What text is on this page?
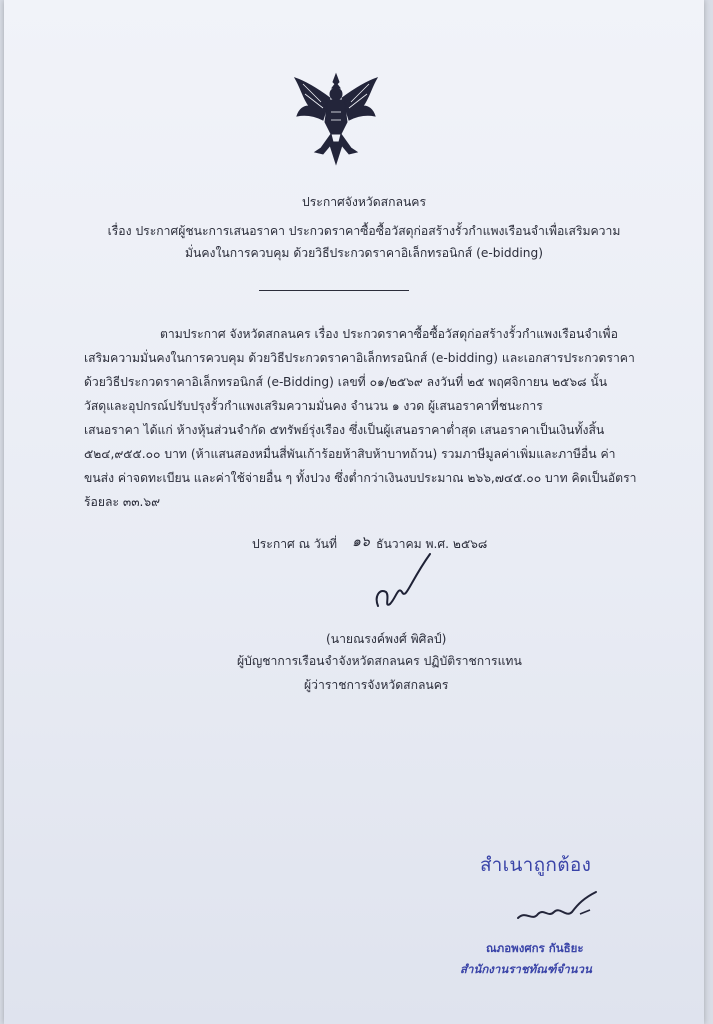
ประกาศจังหวัดสกลนคร
เรื่อง ประกาศผู้ชนะการเสนอราคา ประกวดราคาซื้อซื้อวัสดุก่อสร้างรั้วกำแพงเรือนจำเพื่อเสริมความ
มั่นคงในการควบคุม ด้วยวิธีประกวดราคาอิเล็กทรอนิกส์ (e-bidding)
ตามประกาศ จังหวัดสกลนคร เรื่อง ประกวดราคาซื้อซื้อวัสดุก่อสร้างรั้วกำแพงเรือนจำเพื่อ
เสริมความมั่นคงในการควบคุม ด้วยวิธีประกวดราคาอิเล็กทรอนิกส์ (e-bidding) และเอกสารประกวดราคา
ด้วยวิธีประกวดราคาอิเล็กทรอนิกส์ (e-Bidding) เลขที่ ๐๑/๒๕๖๙ ลงวันที่ ๒๕ พฤศจิกายน ๒๕๖๘ นั้น
วัสดุและอุปกรณ์ปรับปรุงรั้วกำแพงเสริมความมั่นคง จำนวน ๑ งวด ผู้เสนอราคาที่ชนะการ
เสนอราคา ได้แก่ ห้างหุ้นส่วนจำกัด ๕ทรัพย์รุ่งเรือง ซึ่งเป็นผู้เสนอราคาต่ำสุด เสนอราคาเป็นเงินทั้งสิ้น
๕๒๔,๙๕๕.๐๐ บาท (ห้าแสนสองหมื่นสี่พันเก้าร้อยห้าสิบห้าบาทถ้วน) รวมภาษีมูลค่าเพิ่มและภาษีอื่น ค่า
ขนส่ง ค่าจดทะเบียน และค่าใช้จ่ายอื่น ๆ ทั้งปวง ซึ่งต่ำกว่าเงินงบประมาณ ๒๖๖,๗๔๕.๐๐ บาท คิดเป็นอัตรา
ร้อยละ ๓๓.๖๙
ประกาศ ณ วันที่ ๑๖ ธันวาคม พ.ศ. ๒๕๖๘
(นายณรงค์พงศ์ พิศิลป์)
ผู้บัญชาการเรือนจำจังหวัดสกลนคร ปฏิบัติราชการแทน
ผู้ว่าราชการจังหวัดสกลนคร
สำเนาถูกต้อง
ณภอพงศกร กันธิยะ
สำนักงานราชทัณฑ์จำนวน
